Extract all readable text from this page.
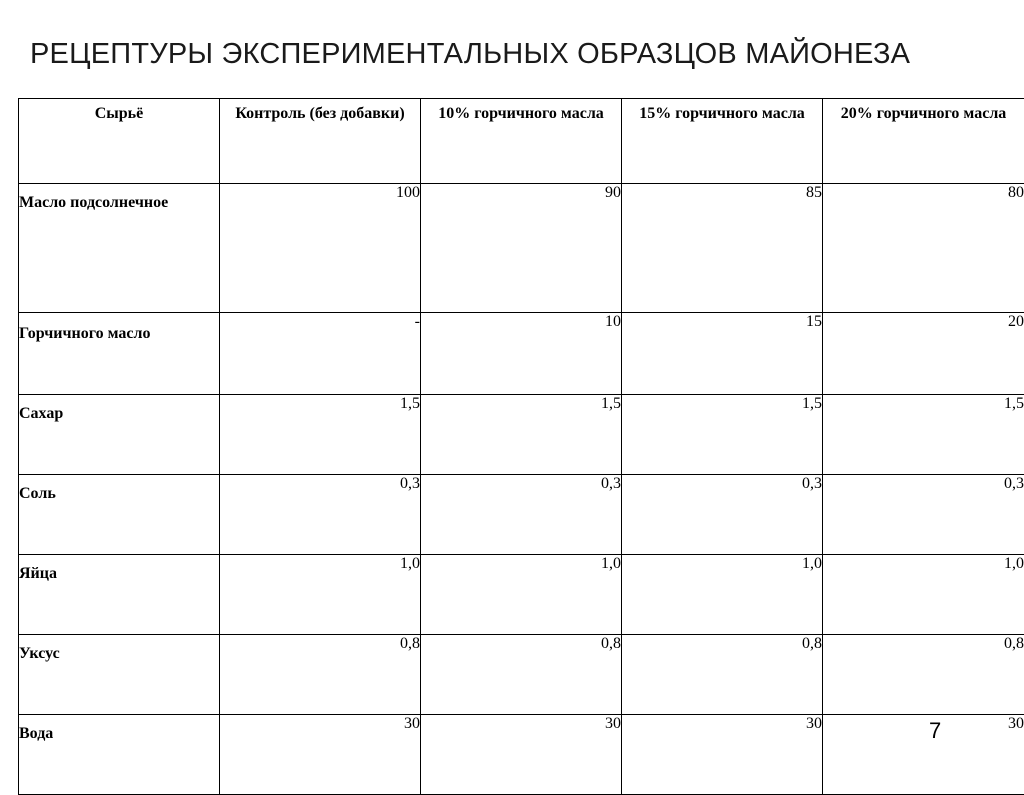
РЕЦЕПТУРЫ ЭКСПЕРИМЕНТАЛЬНЫХ ОБРАЗЦОВ МАЙОНЕЗА
Сырьё	Контроль (без добавки)	10% горчичного масла	15% горчичного масла	20% горчичного масла
Масло подсолнечное	100	90	85	80
Горчичного масло	-	10	15	20
Сахар	1,5	1,5	1,5	1,5
Соль	0,3	0,3	0,3	0,3
Яйца	1,0	1,0	1,0	1,0
Уксус	0,8	0,8	0,8	0,8
Вода	30	30	30	30
7
